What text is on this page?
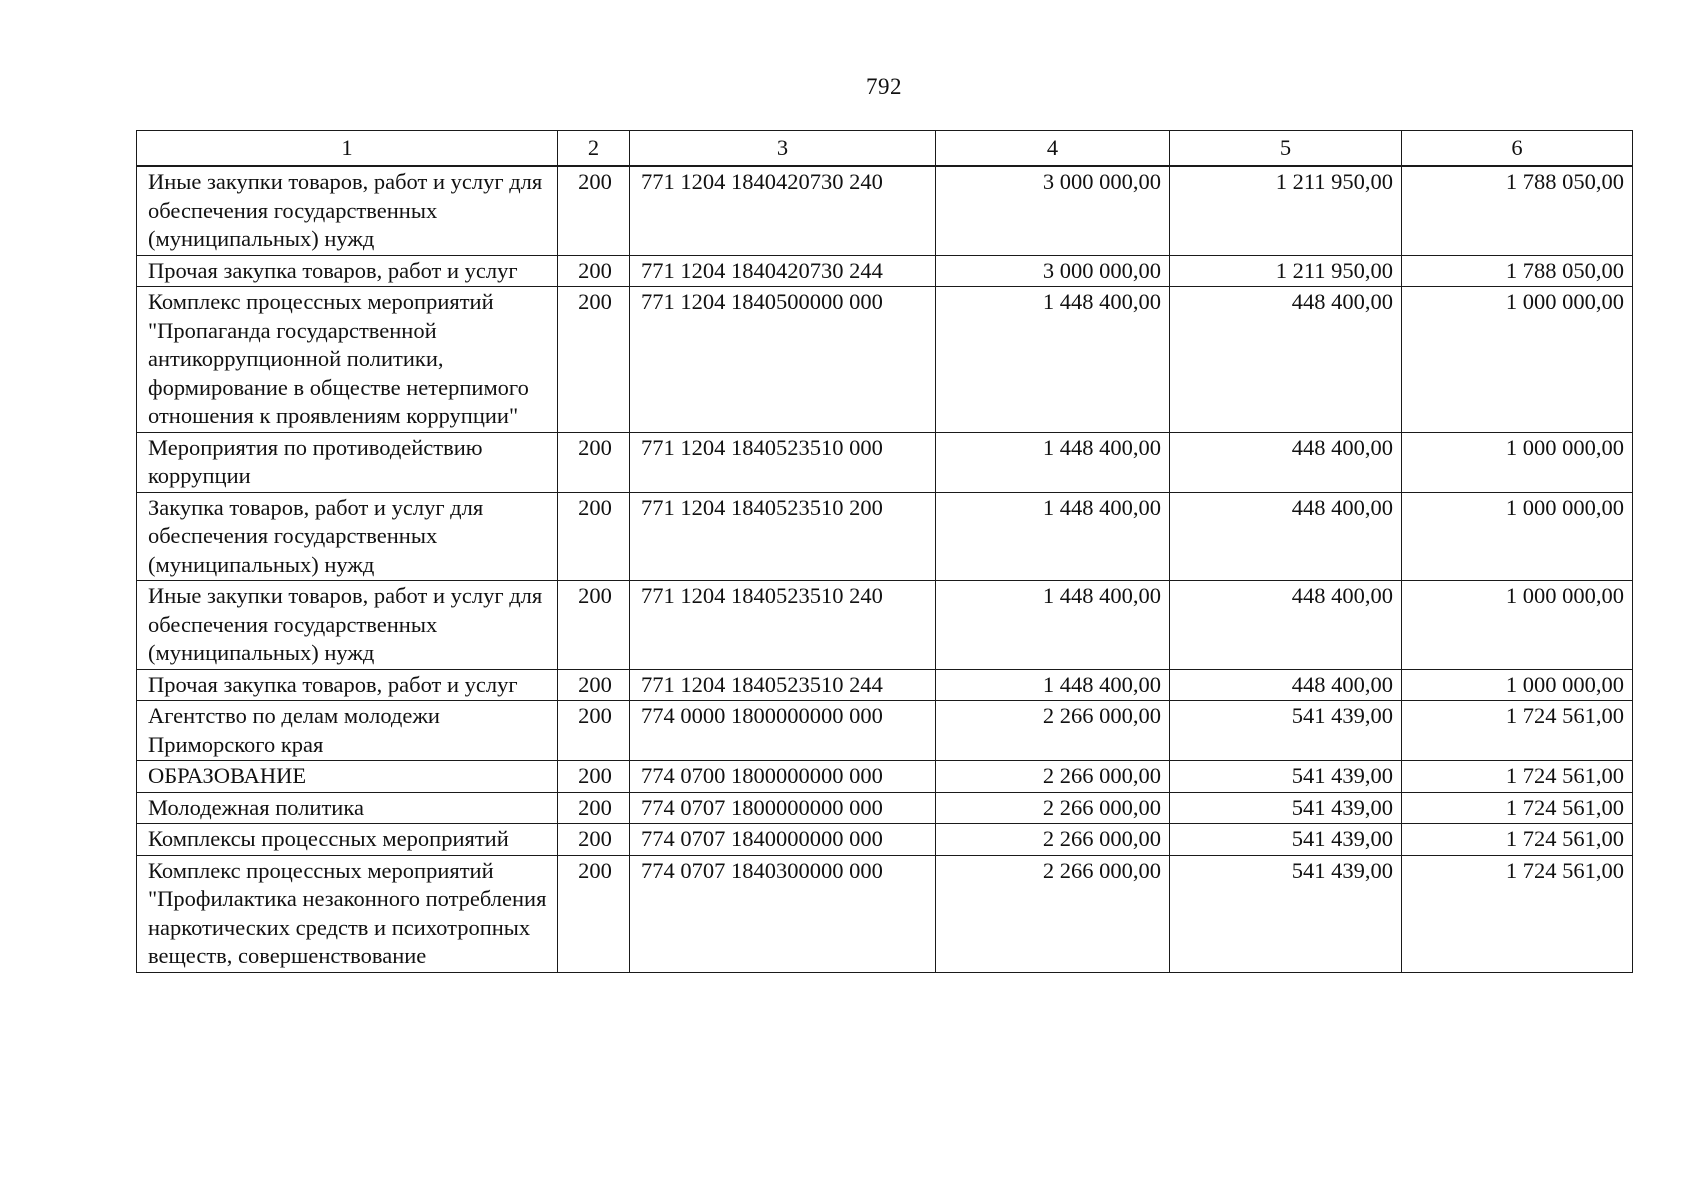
792
1	2	3	4	5	6
Иные закупки товаров, работ и услуг для обеспечения государственных (муниципальных) нужд	200	771 1204 1840420730 240	3 000 000,00	1 211 950,00	1 788 050,00
Прочая закупка товаров, работ и услуг	200	771 1204 1840420730 244	3 000 000,00	1 211 950,00	1 788 050,00
Комплекс процессных мероприятий "Пропаганда государственной антикоррупционной политики, формирование в обществе нетерпимого отношения к проявлениям коррупции"	200	771 1204 1840500000 000	1 448 400,00	448 400,00	1 000 000,00
Мероприятия по противодействию коррупции	200	771 1204 1840523510 000	1 448 400,00	448 400,00	1 000 000,00
Закупка товаров, работ и услуг для обеспечения государственных (муниципальных) нужд	200	771 1204 1840523510 200	1 448 400,00	448 400,00	1 000 000,00
Иные закупки товаров, работ и услуг для обеспечения государственных (муниципальных) нужд	200	771 1204 1840523510 240	1 448 400,00	448 400,00	1 000 000,00
Прочая закупка товаров, работ и услуг	200	771 1204 1840523510 244	1 448 400,00	448 400,00	1 000 000,00
Агентство по делам молодежи Приморского края	200	774 0000 1800000000 000	2 266 000,00	541 439,00	1 724 561,00
ОБРАЗОВАНИЕ	200	774 0700 1800000000 000	2 266 000,00	541 439,00	1 724 561,00
Молодежная политика	200	774 0707 1800000000 000	2 266 000,00	541 439,00	1 724 561,00
Комплексы процессных мероприятий	200	774 0707 1840000000 000	2 266 000,00	541 439,00	1 724 561,00
Комплекс процессных мероприятий "Профилактика незаконного потребления наркотических средств и психотропных веществ, совершенствование	200	774 0707 1840300000 000	2 266 000,00	541 439,00	1 724 561,00
